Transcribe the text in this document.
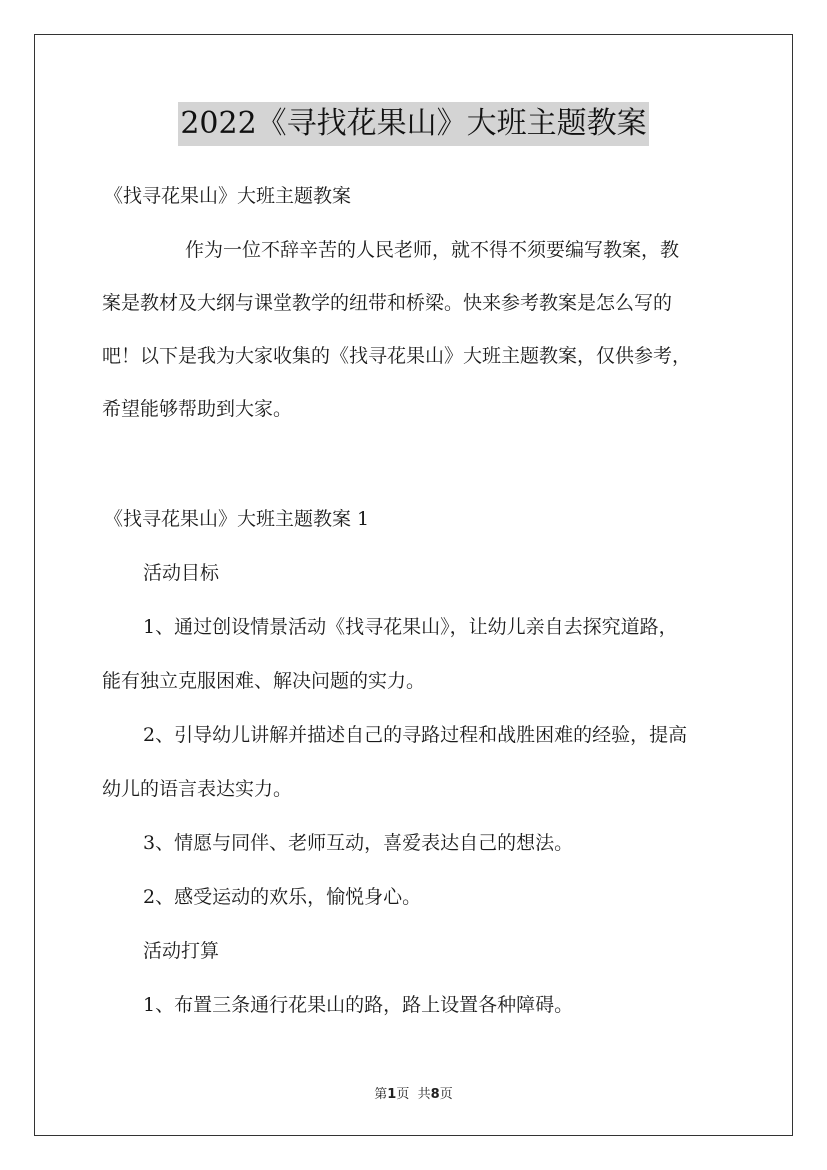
2022《寻找花果山》大班主题教案
《找寻花果山》大班主题教案
作为一位不辞辛苦的人民老师，就不得不须要编写教案，教
案是教材及大纲与课堂教学的纽带和桥梁。快来参考教案是怎么写的
吧！以下是我为大家收集的《找寻花果山》大班主题教案，仅供参考，
希望能够帮助到大家。
《找寻花果山》大班主题教案 1
活动目标
1、通过创设情景活动《找寻花果山》，让幼儿亲自去探究道路，
能有独立克服困难、解决问题的实力。
2、引导幼儿讲解并描述自己的寻路过程和战胜困难的经验，提高
幼儿的语言表达实力。
3、情愿与同伴、老师互动，喜爱表达自己的想法。
2、感受运动的欢乐，愉悦身心。
活动打算
1、布置三条通行花果山的路，路上设置各种障碍。
第1页 共8页
